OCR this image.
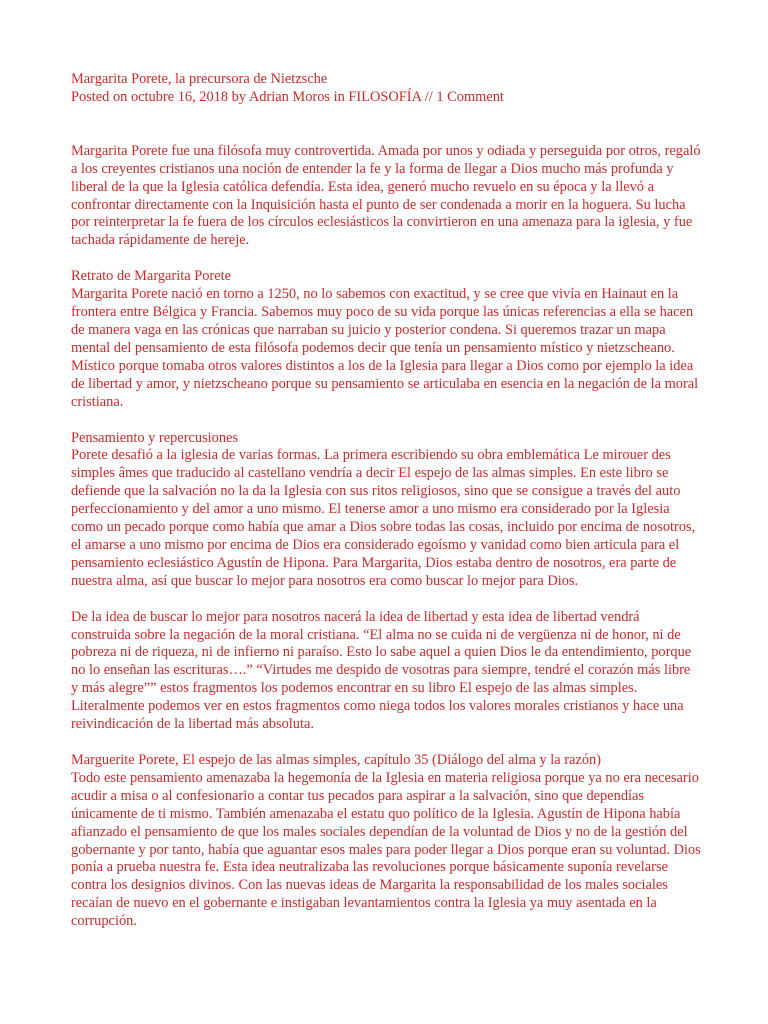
Margarita Porete, la precursora de Nietzsche
Posted on octubre 16, 2018 by Adrian Moros in FILOSOFÍA // 1 Comment

Margarita Porete fue una filósofa muy controvertida. Amada por unos y odiada y perseguida por otros, regaló a los creyentes cristianos una noción de entender la fe y la forma de llegar a Dios mucho más profunda y liberal de la que la Iglesia católica defendía. Esta idea, generó mucho revuelo en su época y la llevó a confrontar directamente con la Inquisición hasta el punto de ser condenada a morir en la hoguera. Su lucha por reinterpretar la fe fuera de los círculos eclesiásticos la convirtieron en una amenaza para la iglesia, y fue tachada rápidamente de hereje.

Retrato de Margarita Porete

Margarita Porete nació en torno a 1250, no lo sabemos con exactitud, y se cree que vivía en Hainaut en la frontera entre Bélgica y Francia. Sabemos muy poco de su vida porque las únicas referencias a ella se hacen de manera vaga en las crónicas que narraban su juicio y posterior condena. Si queremos trazar un mapa mental del pensamiento de esta filósofa podemos decir que tenía un pensamiento místico y nietzscheano. Místico porque tomaba otros valores distintos a los de la Iglesia para llegar a Dios como por ejemplo la idea de libertad y amor, y nietzscheano porque su pensamiento se articulaba en esencia en la negación de la moral cristiana.

Pensamiento y repercusiones

Porete desafió a la iglesia de varias formas. La primera escribiendo su obra emblemática Le mirouer des simples âmes que traducido al castellano vendría a decir El espejo de las almas simples. En este libro se defiende que la salvación no la da la Iglesia con sus ritos religiosos, sino que se consigue a través del auto perfeccionamiento y del amor a uno mismo. El tenerse amor a uno mismo era considerado por la Iglesia como un pecado porque como había que amar a Dios sobre todas las cosas, incluido por encima de nosotros, el amarse a uno mismo por encima de Dios era considerado egoísmo y vanidad como bien articula para el pensamiento eclesiástico Agustín de Hipona. Para Margarita, Dios estaba dentro de nosotros, era parte de nuestra alma, así que buscar lo mejor para nosotros era como buscar lo mejor para Dios.

De la idea de buscar lo mejor para nosotros nacerá la idea de libertad y esta idea de libertad vendrá construida sobre la negación de la moral cristiana. “El alma no se cuida ni de vergüenza ni de honor, ni de pobreza ni de riqueza, ni de infierno ni paraíso. Esto lo sabe aquel a quien Dios le da entendimiento, porque no lo enseñan las escrituras….” “Virtudes me despido de vosotras para siempre, tendré el corazón más libre y más alegre”” estos fragmentos los podemos encontrar en su libro El espejo de las almas simples. Literalmente podemos ver en estos fragmentos como niega todos los valores morales cristianos y hace una reivindicación de la libertad más absoluta.

Marguerite Porete, El espejo de las almas simples, capítulo 35 (Diálogo del alma y la razón)

Todo este pensamiento amenazaba la hegemonía de la Iglesia en materia religiosa porque ya no era necesario acudir a misa o al confesionario a contar tus pecados para aspirar a la salvación, sino que dependías únicamente de ti mismo. También amenazaba el estatu quo político de la Iglesia. Agustín de Hipona había afianzado el pensamiento de que los males sociales dependían de la voluntad de Dios y no de la gestión del gobernante y por tanto, había que aguantar esos males para poder llegar a Dios porque eran su voluntad. Dios ponía a prueba nuestra fe. Esta idea neutralizaba las revoluciones porque básicamente suponía revelarse contra los designios divinos. Con las nuevas ideas de Margarita la responsabilidad de los males sociales recaían de nuevo en el gobernante e instigaban levantamientos contra la Iglesia ya muy asentada en la corrupción.
